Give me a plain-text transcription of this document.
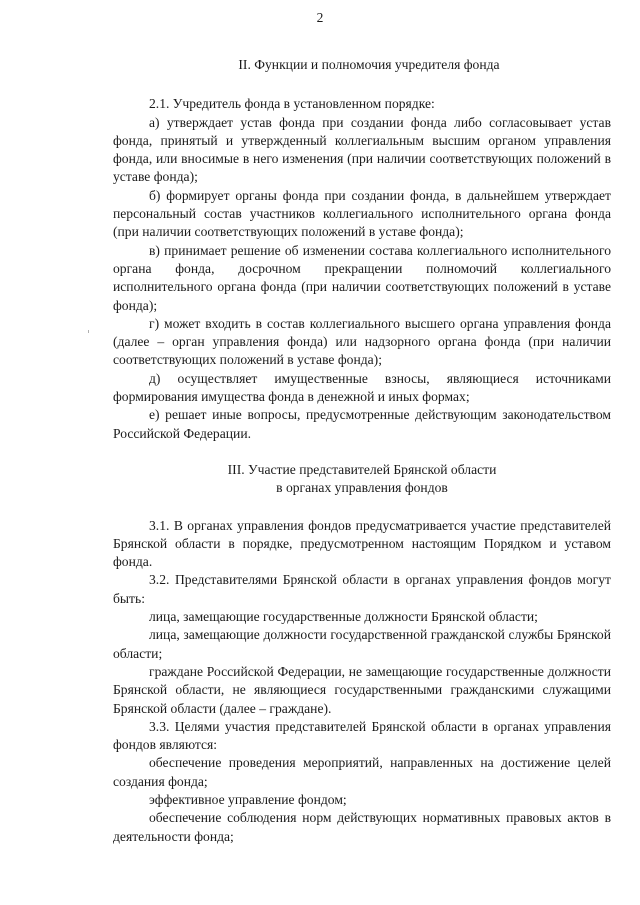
2

II. Функции и полномочия учредителя фонда

2.1. Учредитель фонда в установленном порядке:

а) утверждает устав фонда при создании фонда либо согласовывает устав фонда, принятый и утвержденный коллегиальным высшим органом управления фонда, или вносимые в него изменения (при наличии соответствующих положений в уставе фонда);

б) формирует органы фонда при создании фонда, в дальнейшем утверждает персональный состав участников коллегиального исполнительного органа фонда (при наличии соответствующих положений в уставе фонда);

в) принимает решение об изменении состава коллегиального исполнительного органа фонда, досрочном прекращении полномочий коллегиального исполнительного органа фонда (при наличии соответствующих положений в уставе фонда);

г) может входить в состав коллегиального высшего органа управления фонда (далее – орган управления фонда) или надзорного органа фонда (при наличии соответствующих положений в уставе фонда);

д) осуществляет имущественные взносы, являющиеся источниками формирования имущества фонда в денежной и иных формах;

е) решает иные вопросы, предусмотренные действующим законодательством Российской Федерации.

III. Участие представителей Брянской области
в органах управления фондов

3.1. В органах управления фондов предусматривается участие представителей Брянской области в порядке, предусмотренном настоящим Порядком и уставом фонда.

3.2. Представителями Брянской области в органах управления фондов могут быть:

лица, замещающие государственные должности Брянской области;

лица, замещающие должности государственной гражданской службы Брянской области;

граждане Российской Федерации, не замещающие государственные должности Брянской области, не являющиеся государственными гражданскими служащими Брянской области (далее – граждане).

3.3. Целями участия представителей Брянской области в органах управления фондов являются:

обеспечение проведения мероприятий, направленных на достижение целей создания фонда;

эффективное управление фондом;

обеспечение соблюдения норм действующих нормативных правовых актов в деятельности фонда;
